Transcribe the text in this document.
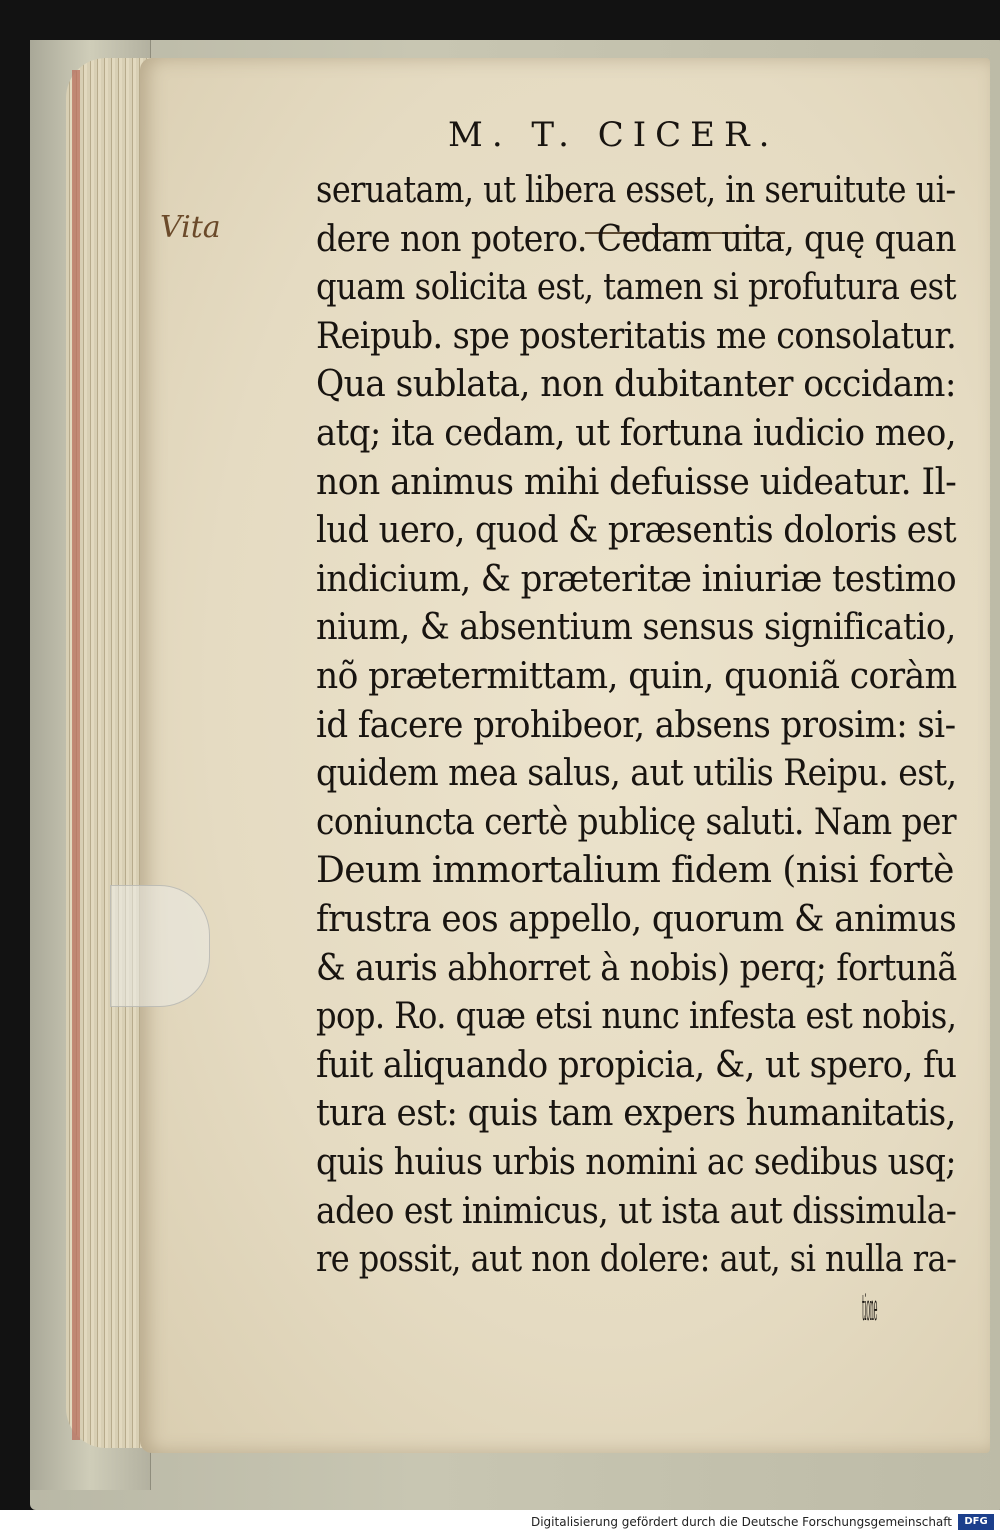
M. T. CICER.
Vita
seruatam, ut libera esset, in seruitute ui-
dere non potero. Cedam uita, quę quan
quam solicita est, tamen si profutura est
Reipub. spe posteritatis me consolatur.
Qua sublata, non dubitanter occidam:
atq; ita cedam, ut fortuna iudicio meo,
non animus mihi defuisse uideatur. Il-
lud uero, quod & præsentis doloris est
indicium, & præteritæ iniuriæ testimo
nium, & absentium sensus significatio,
nõ prætermittam, quin, quoniã coràm
id facere prohibeor, absens prosim: si-
quidem mea salus, aut utilis Reipu. est,
coniuncta certè publicę saluti. Nam per
Deum immortalium fidem (nisi fortè
frustra eos appello, quorum & animus
& auris abhorret à nobis) perq; fortunã
pop. Ro. quæ etsi nunc infesta est nobis,
fuit aliquando propicia, &, ut spero, fu
tura est: quis tam expers humanitatis,
quis huius urbis nomini ac sedibus usq;
adeo est inimicus, ut ista aut dissimula-
re possit, aut non dolere: aut, si nulla ra-
tione
Digitalisierung gefördert durch die Deutsche Forschungsgemeinschaft	DFG
